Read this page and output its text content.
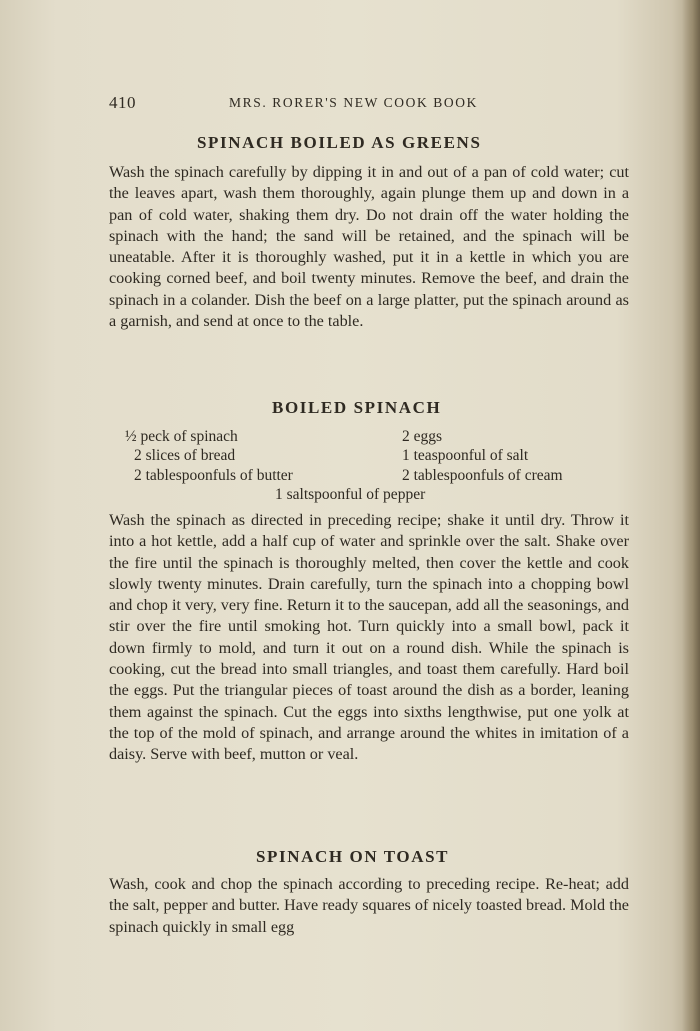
410	MRS. RORER'S NEW COOK BOOK
SPINACH BOILED AS GREENS
Wash the spinach carefully by dipping it in and out of a pan of cold water; cut the leaves apart, wash them thoroughly, again plunge them up and down in a pan of cold water, shaking them dry. Do not drain off the water holding the spinach with the hand; the sand will be retained, and the spinach will be uneatable. After it is thoroughly washed, put it in a kettle in which you are cooking corned beef, and boil twenty minutes. Remove the beef, and drain the spinach in a colander. Dish the beef on a large platter, put the spinach around as a garnish, and send at once to the table.
BOILED SPINACH
½ peck of spinach	2 eggs
2 slices of bread	1 teaspoonful of salt
2 tablespoonfuls of butter	2 tablespoonfuls of cream
1 saltspoonful of pepper
Wash the spinach as directed in preceding recipe; shake it until dry. Throw it into a hot kettle, add a half cup of water and sprinkle over the salt. Shake over the fire until the spinach is thoroughly melted, then cover the kettle and cook slowly twenty minutes. Drain carefully, turn the spinach into a chopping bowl and chop it very, very fine. Return it to the saucepan, add all the seasonings, and stir over the fire until smoking hot. Turn quickly into a small bowl, pack it down firmly to mold, and turn it out on a round dish. While the spinach is cooking, cut the bread into small triangles, and toast them carefully. Hard boil the eggs. Put the triangular pieces of toast around the dish as a border, leaning them against the spinach. Cut the eggs into sixths lengthwise, put one yolk at the top of the mold of spinach, and arrange around the whites in imitation of a daisy. Serve with beef, mutton or veal.
SPINACH ON TOAST
Wash, cook and chop the spinach according to preceding recipe. Re-heat; add the salt, pepper and butter. Have ready squares of nicely toasted bread. Mold the spinach quickly in small egg
